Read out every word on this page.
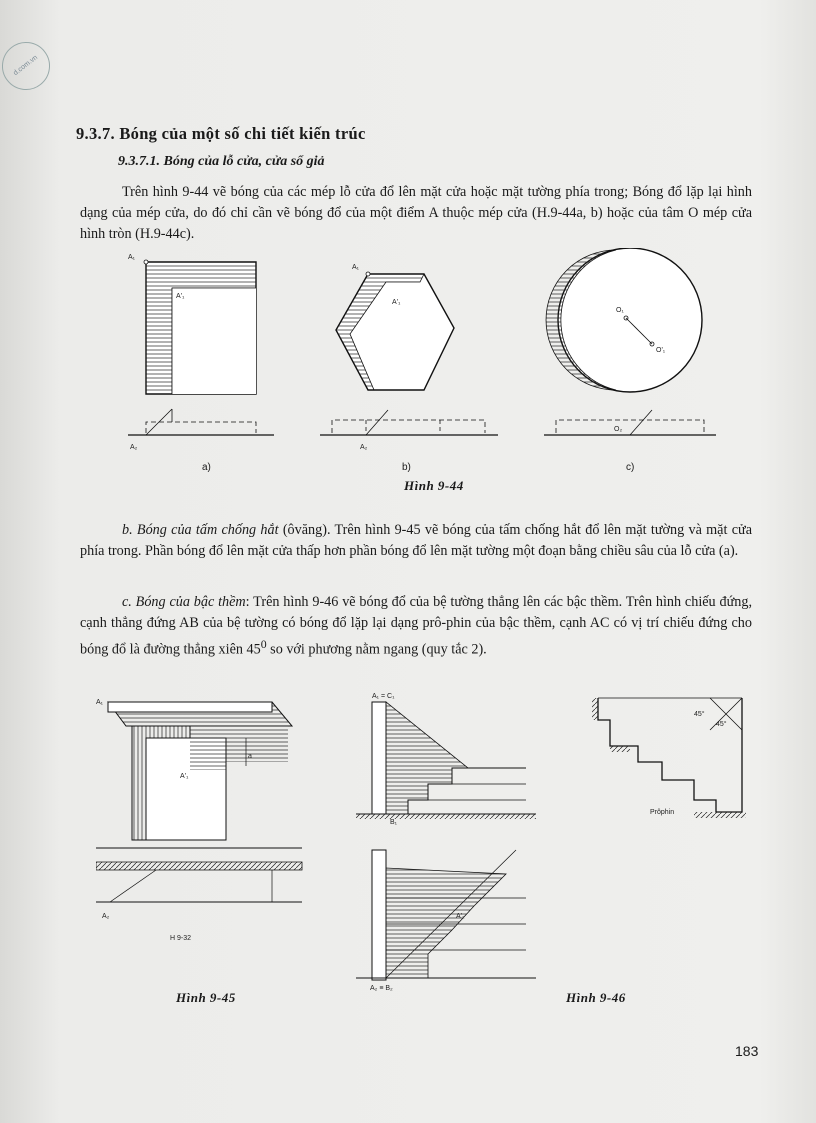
d.com.vn
9.3.7. Bóng của một số chi tiết kiến trúc
9.3.7.1. Bóng của lỗ cửa, cửa sổ giả
Trên hình 9-44 vẽ bóng của các mép lỗ cửa đổ lên mặt cửa hoặc mặt tường phía trong; Bóng đổ lặp lại hình dạng của mép cửa, do đó chỉ cần vẽ bóng đổ của một điểm A thuộc mép cửa (H.9-44a, b) hoặc của tâm O mép cửa hình tròn (H.9-44c).
A₁
A'₁
A₂
A₁
A'₁
A₂
O₁
O'₁
O₂
a)	b)	c)
Hình 9-44
b. Bóng của tấm chống hắt (ôvăng). Trên hình 9-45 vẽ bóng của tấm chống hắt đổ lên mặt tường và mặt cửa phía trong. Phần bóng đổ lên mặt cửa thấp hơn phần bóng đổ lên mặt tường một đoạn bằng chiều sâu của lỗ cửa (a).
c. Bóng của bậc thềm: Trên hình 9-46 vẽ bóng đổ của bệ tường thẳng lên các bậc thềm. Trên hình chiếu đứng, cạnh thẳng đứng AB của bệ tường có bóng đổ lặp lại dạng prô-phin của bậc thềm, cạnh AC có vị trí chiếu đứng cho bóng đổ là đường thẳng xiên $45^0$ so với phương nằm ngang (quy tắc 2).
a
A₁
A'₁
A₂
H 9-32
Hình 9-45
A₁ = C₁
B₁
A'₂
A₂ ≡ B₂
45°
45°
Prôphin
Hình 9-46
183
